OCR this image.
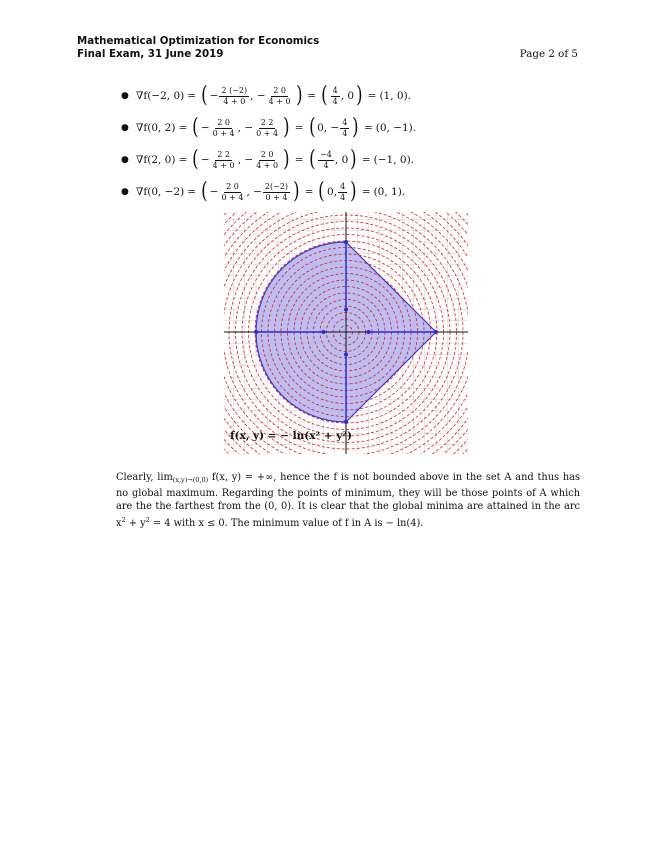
Mathematical Optimization for Economics
Final Exam, 31 June 2019	Page 2 of 5
● ∇f(−2, 0) = ( − $\frac{2 (-2)}{4 + 0}$ , − $\frac{2 0}{4 + 0}$ ) = ( $\frac{4}{4}$ , 0 ) = (1, 0).
● ∇f(0, 2) = ( − $\frac{2 0}{0 + 4}$ , − $\frac{2 2}{0 + 4}$ ) = ( 0, − $\frac{4}{4}$ ) = (0, −1).
● ∇f(2, 0) = ( − $\frac{2 2}{4 + 0}$ , − $\frac{2 0}{4 + 0}$ ) = ( $\frac{-4}{4}$ , 0 ) = (−1, 0).
● ∇f(0, −2) = ( − $\frac{2 0}{0 + 4}$ , − $\frac{2(-2)}{0 + 4}$ ) = ( 0, $\frac{4}{4}$ ) = (0, 1).
f(x, y) = − ln(x² + y²)
Clearly, $\lim_{(x,y)\to(0,0)} f(x$, y) = +∞, hence the f is not bounded above in the set A and thus has no global maximum. Regarding the points of minimum, they will be those points of A which are the the farthest from the (0, 0). It is clear that the global minima are attained in the arc $x^2 + y^2 = 4$ with x ≤ 0. The minimum value of f in A is − ln(4).
